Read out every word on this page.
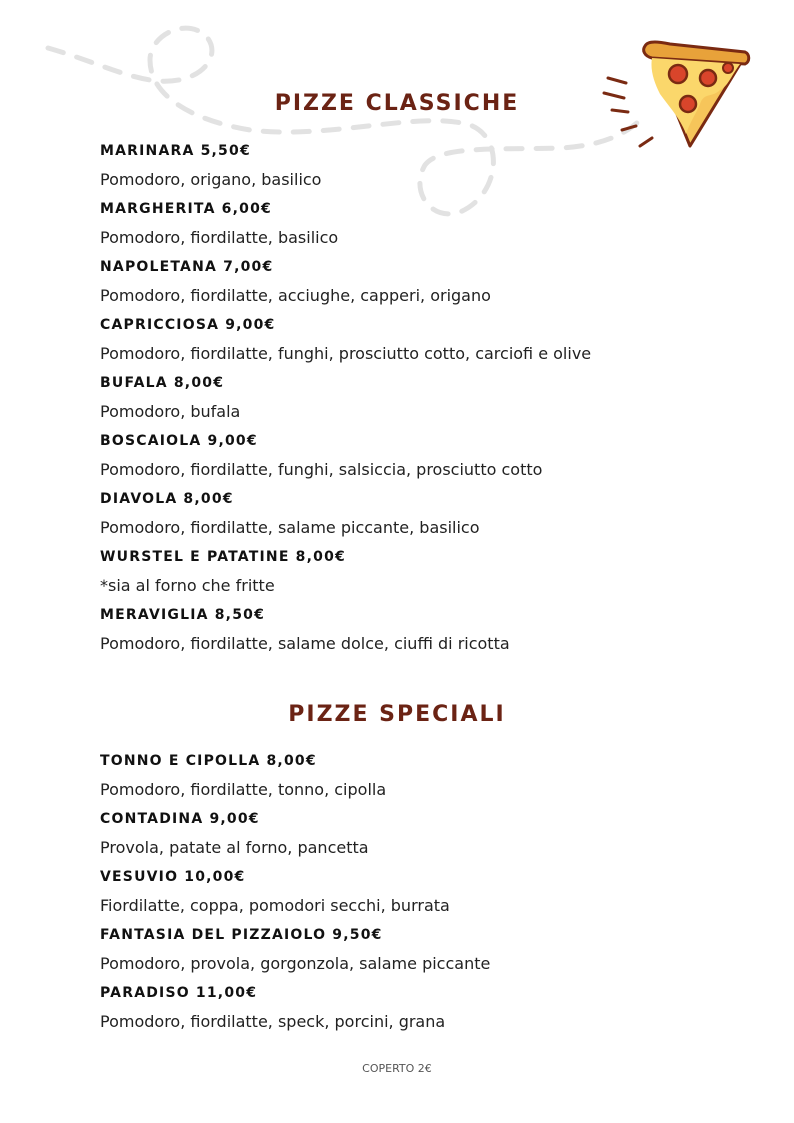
PIZZE CLASSICHE
MARINARA 5,50€
Pomodoro, origano, basilico
MARGHERITA 6,00€
Pomodoro, fiordilatte, basilico
NAPOLETANA 7,00€
Pomodoro, fiordilatte, acciughe, capperi, origano
CAPRICCIOSA 9,00€
Pomodoro, fiordilatte, funghi, prosciutto cotto, carciofi e olive
BUFALA 8,00€
Pomodoro, bufala
BOSCAIOLA 9,00€
Pomodoro, fiordilatte, funghi, salsiccia, prosciutto cotto
DIAVOLA 8,00€
Pomodoro, fiordilatte, salame piccante, basilico
WURSTEL E PATATINE 8,00€
*sia al forno che fritte
MERAVIGLIA 8,50€
Pomodoro, fiordilatte, salame dolce, ciuffi di ricotta
PIZZE SPECIALI
TONNO E CIPOLLA 8,00€
Pomodoro, fiordilatte, tonno, cipolla
CONTADINA 9,00€
Provola, patate al forno, pancetta
VESUVIO 10,00€
Fiordilatte, coppa, pomodori secchi, burrata
FANTASIA DEL PIZZAIOLO 9,50€
Pomodoro, provola, gorgonzola, salame piccante
PARADISO 11,00€
Pomodoro, fiordilatte, speck, porcini, grana
COPERTO 2€
